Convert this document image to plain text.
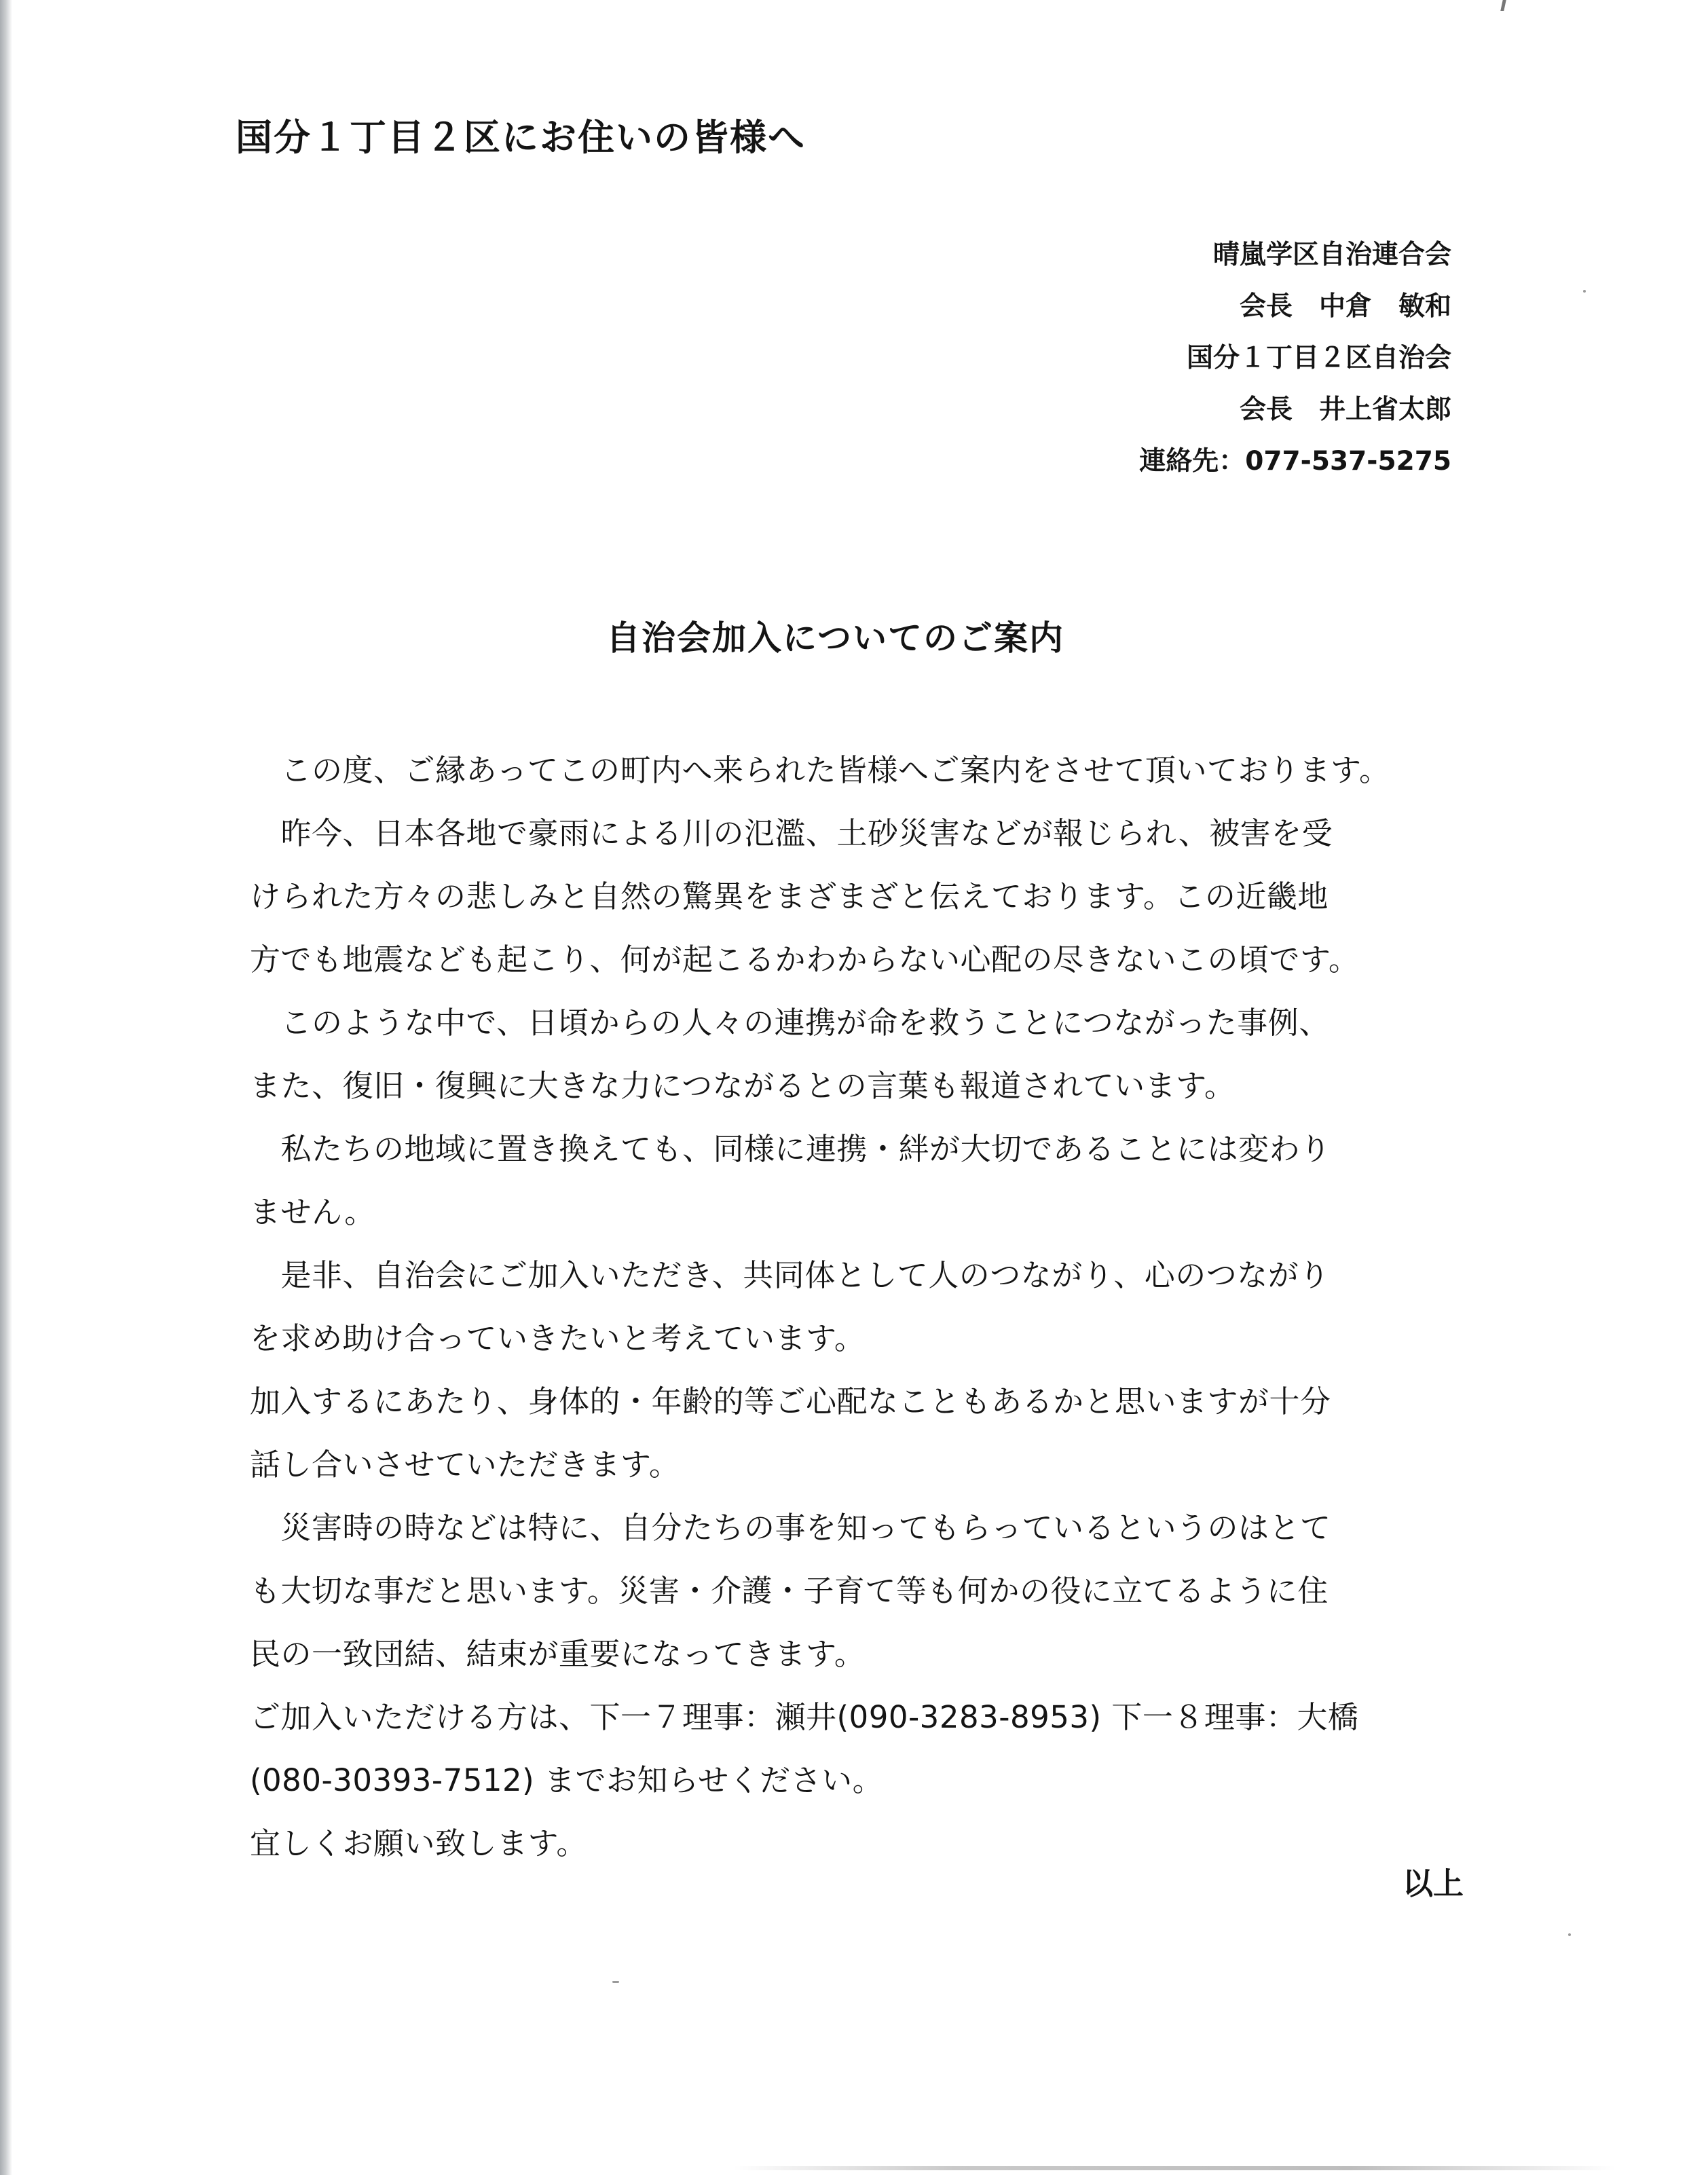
国分１丁目２区にお住いの皆様へ
晴嵐学区自治連合会
会長　中倉　敏和
国分１丁目２区自治会
会長　井上省太郎
連絡先：077-537-5275
自治会加入についてのご案内
　この度、ご縁あってこの町内へ来られた皆様へご案内をさせて頂いております。
　昨今、日本各地で豪雨による川の氾濫、土砂災害などが報じられ、被害を受
けられた方々の悲しみと自然の驚異をまざまざと伝えております。この近畿地
方でも地震なども起こり、何が起こるかわからない心配の尽きないこの頃です。
　このような中で、日頃からの人々の連携が命を救うことにつながった事例、
また、復旧・復興に大きな力につながるとの言葉も報道されています。
　私たちの地域に置き換えても、同様に連携・絆が大切であることには変わり
ません。
　是非、自治会にご加入いただき、共同体として人のつながり、心のつながり
を求め助け合っていきたいと考えています。
加入するにあたり、身体的・年齢的等ご心配なこともあるかと思いますが十分
話し合いさせていただきます。
　災害時の時などは特に、自分たちの事を知ってもらっているというのはとて
も大切な事だと思います。災害・介護・子育て等も何かの役に立てるように住
民の一致団結、結束が重要になってきます。
ご加入いただける方は、下一７理事：瀬井(090-3283-8953) 下一８理事：大橋
(080-30393-7512) までお知らせください。
宜しくお願い致します。
以上
